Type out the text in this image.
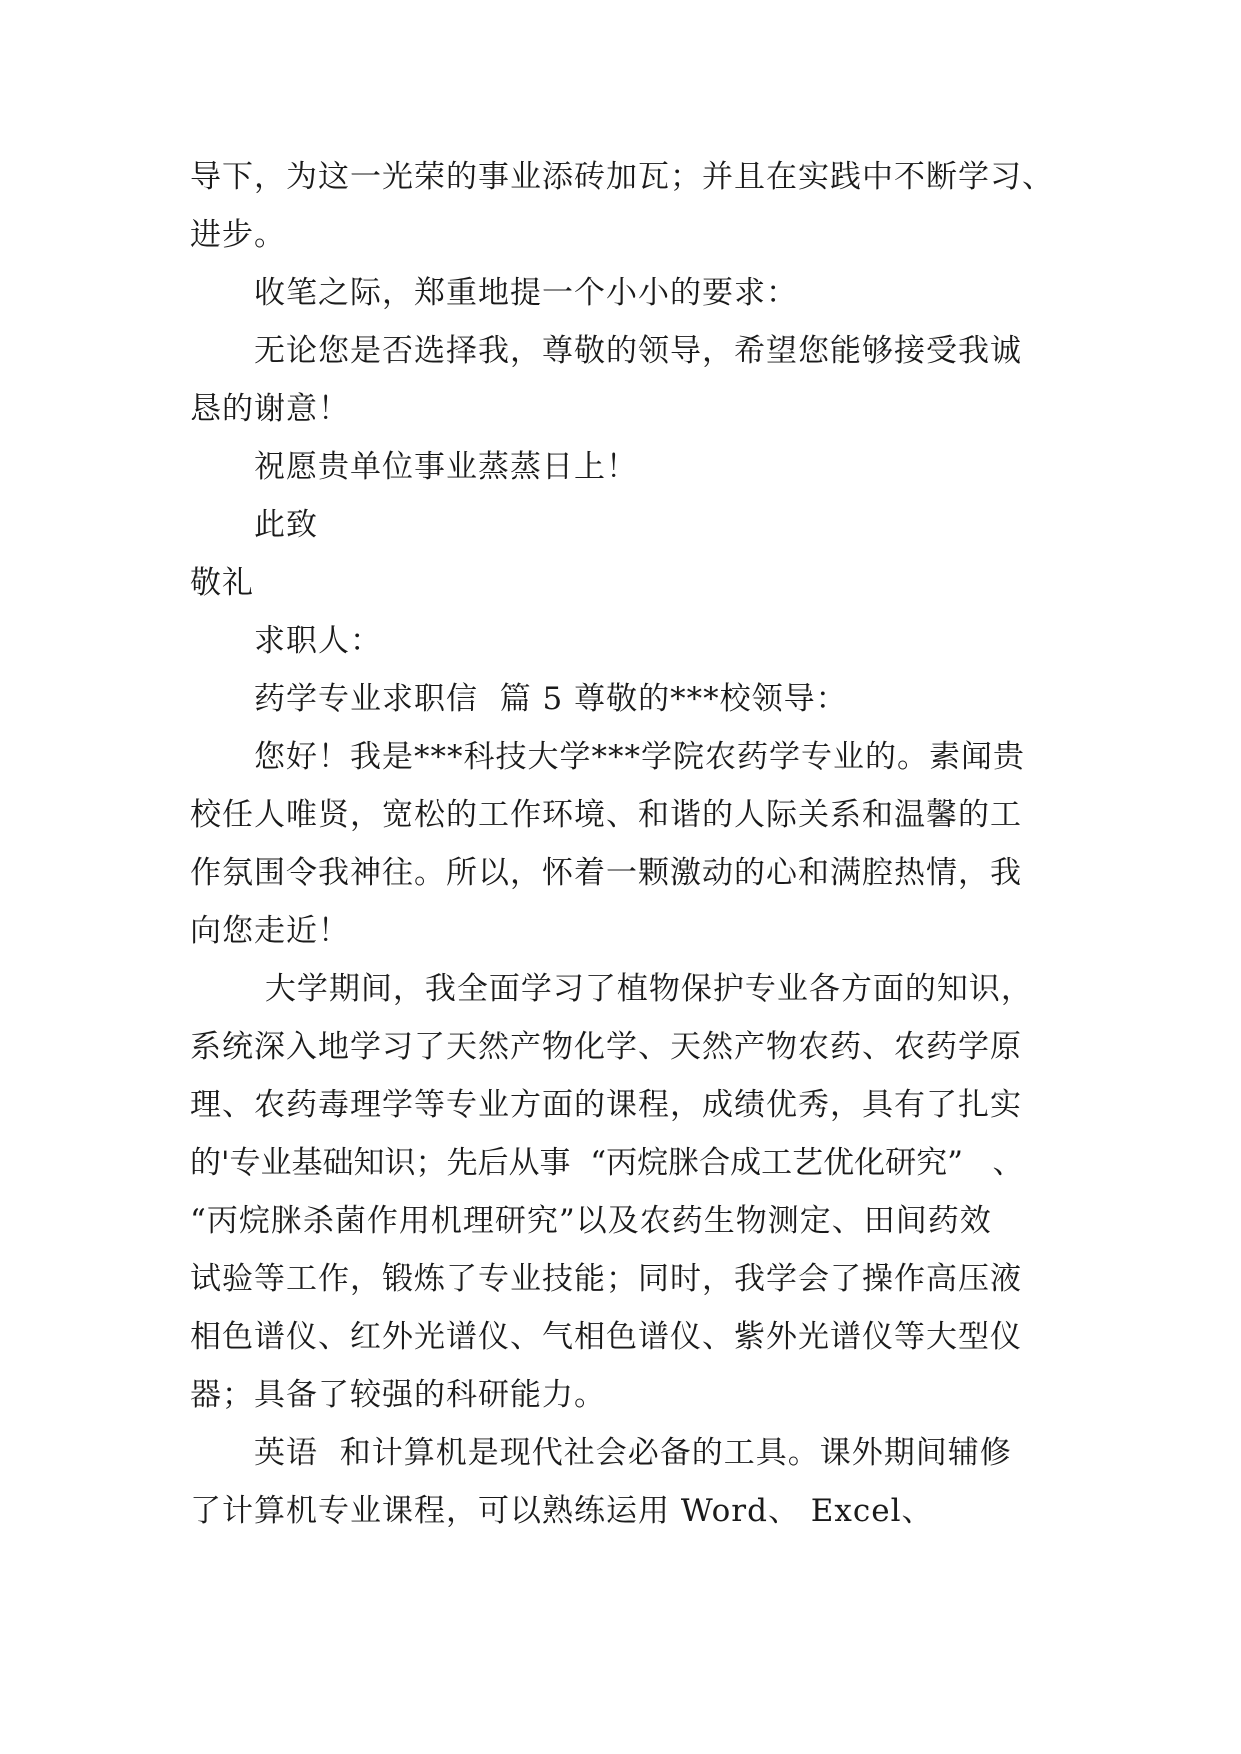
导下，为这一光荣的事业添砖加瓦；并且在实践中不断学习、
进步。
收笔之际，郑重地提一个小小的要求：
无论您是否选择我，尊敬的领导，希望您能够接受我诚
恳的谢意！
祝愿贵单位事业蒸蒸日上！
此致
敬礼
求职人：
药学专业求职信  篇 5 尊敬的***校领导：
您好！我是***科技大学***学院农药学专业的。素闻贵
校任人唯贤，宽松的工作环境、和谐的人际关系和温馨的工
作氛围令我神往。所以，怀着一颗激动的心和满腔热情，我
向您走近！
大学期间，我全面学习了植物保护专业各方面的知识，
系统深入地学习了天然产物化学、天然产物农药、农药学原
理、农药毒理学等专业方面的课程，成绩优秀，具有了扎实
的'专业基础知识；先后从事  “丙烷脒合成工艺优化研究”   、
“丙烷脒杀菌作用机理研究”以及农药生物测定、田间药效
试验等工作，锻炼了专业技能；同时，我学会了操作高压液
相色谱仪、红外光谱仪、气相色谱仪、紫外光谱仪等大型仪
器；具备了较强的科研能力。
英语  和计算机是现代社会必备的工具。课外期间辅修
了计算机专业课程，可以熟练运用 Word、 Excel、
